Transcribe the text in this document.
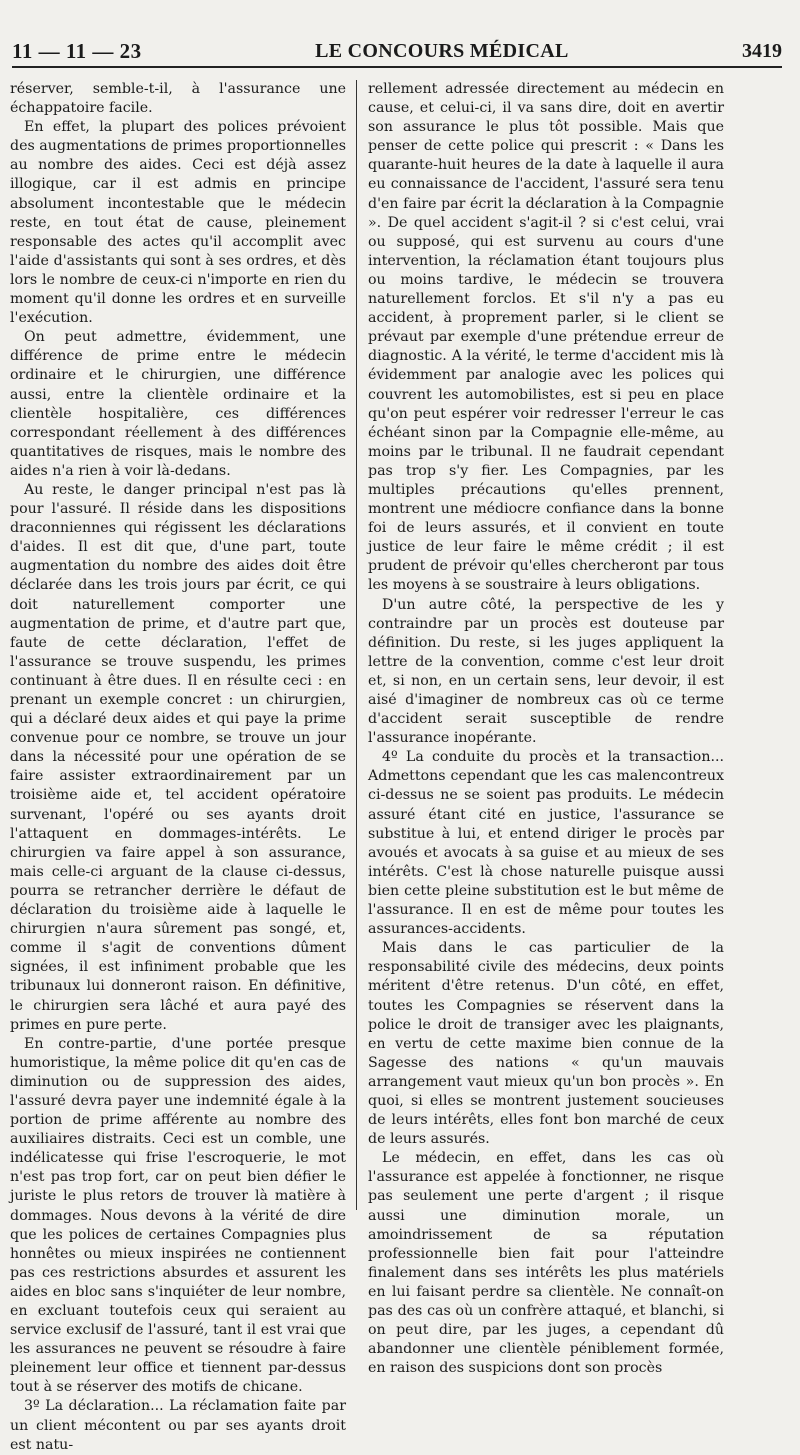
11 — 11 — 23	LE CONCOURS MÉDICAL	3419

réserver, semble-t-il, à l'assurance une échappatoire facile.

En effet, la plupart des polices prévoient des augmentations de primes proportionnelles au nombre des aides. Ceci est déjà assez illogique, car il est admis en principe absolument incontestable que le médecin reste, en tout état de cause, pleinement responsable des actes qu'il accomplit avec l'aide d'assistants qui sont à ses ordres, et dès lors le nombre de ceux-ci n'importe en rien du moment qu'il donne les ordres et en surveille l'exécution.

On peut admettre, évidemment, une différence de prime entre le médecin ordinaire et le chirurgien, une différence aussi, entre la clientèle ordinaire et la clientèle hospitalière, ces différences correspondant réellement à des différences quantitatives de risques, mais le nombre des aides n'a rien à voir là-dedans.

Au reste, le danger principal n'est pas là pour l'assuré. Il réside dans les dispositions draconniennes qui régissent les déclarations d'aides. Il est dit que, d'une part, toute augmentation du nombre des aides doit être déclarée dans les trois jours par écrit, ce qui doit naturellement comporter une augmentation de prime, et d'autre part que, faute de cette déclaration, l'effet de l'assurance se trouve suspendu, les primes continuant à être dues. Il en résulte ceci : en prenant un exemple concret : un chirurgien, qui a déclaré deux aides et qui paye la prime convenue pour ce nombre, se trouve un jour dans la nécessité pour une opération de se faire assister extraordinairement par un troisième aide et, tel accident opératoire survenant, l'opéré ou ses ayants droit l'attaquent en dommages-intérêts. Le chirurgien va faire appel à son assurance, mais celle-ci arguant de la clause ci-dessus, pourra se retrancher derrière le défaut de déclaration du troisième aide à laquelle le chirurgien n'aura sûrement pas songé, et, comme il s'agit de conventions dûment signées, il est infiniment probable que les tribunaux lui donneront raison. En définitive, le chirurgien sera lâché et aura payé des primes en pure perte.

En contre-partie, d'une portée presque humoristique, la même police dit qu'en cas de diminution ou de suppression des aides, l'assuré devra payer une indemnité égale à la portion de prime afférente au nombre des auxiliaires distraits. Ceci est un comble, une indélicatesse qui frise l'escroquerie, le mot n'est pas trop fort, car on peut bien défier le juriste le plus retors de trouver là matière à dommages. Nous devons à la vérité de dire que les polices de certaines Compagnies plus honnêtes ou mieux inspirées ne contiennent pas ces restrictions absurdes et assurent les aides en bloc sans s'inquiéter de leur nombre, en excluant toutefois ceux qui seraient au service exclusif de l'assuré, tant il est vrai que les assurances ne peuvent se résoudre à faire pleinement leur office et tiennent par-dessus tout à se réserver des motifs de chicane.

3º La déclaration... La réclamation faite par un client mécontent ou par ses ayants droit est natu-

rellement adressée directement au médecin en cause, et celui-ci, il va sans dire, doit en avertir son assurance le plus tôt possible. Mais que penser de cette police qui prescrit : « Dans les quarante-huit heures de la date à laquelle il aura eu connaissance de l'accident, l'assuré sera tenu d'en faire par écrit la déclaration à la Compagnie ». De quel accident s'agit-il ? si c'est celui, vrai ou supposé, qui est survenu au cours d'une intervention, la réclamation étant toujours plus ou moins tardive, le médecin se trouvera naturellement forclos. Et s'il n'y a pas eu accident, à proprement parler, si le client se prévaut par exemple d'une prétendue erreur de diagnostic. A la vérité, le terme d'accident mis là évidemment par analogie avec les polices qui couvrent les automobilistes, est si peu en place qu'on peut espérer voir redresser l'erreur le cas échéant sinon par la Compagnie elle-même, au moins par le tribunal. Il ne faudrait cependant pas trop s'y fier. Les Compagnies, par les multiples précautions qu'elles prennent, montrent une médiocre confiance dans la bonne foi de leurs assurés, et il convient en toute justice de leur faire le même crédit ; il est prudent de prévoir qu'elles chercheront par tous les moyens à se soustraire à leurs obligations.

D'un autre côté, la perspective de les y contraindre par un procès est douteuse par définition. Du reste, si les juges appliquent la lettre de la convention, comme c'est leur droit et, si non, en un certain sens, leur devoir, il est aisé d'imaginer de nombreux cas où ce terme d'accident serait susceptible de rendre l'assurance inopérante.

4º La conduite du procès et la transaction... Admettons cependant que les cas malencontreux ci-dessus ne se soient pas produits. Le médecin assuré étant cité en justice, l'assurance se substitue à lui, et entend diriger le procès par avoués et avocats à sa guise et au mieux de ses intérêts. C'est là chose naturelle puisque aussi bien cette pleine substitution est le but même de l'assurance. Il en est de même pour toutes les assurances-accidents.

Mais dans le cas particulier de la responsabilité civile des médecins, deux points méritent d'être retenus. D'un côté, en effet, toutes les Compagnies se réservent dans la police le droit de transiger avec les plaignants, en vertu de cette maxime bien connue de la Sagesse des nations « qu'un mauvais arrangement vaut mieux qu'un bon procès ». En quoi, si elles se montrent justement soucieuses de leurs intérêts, elles font bon marché de ceux de leurs assurés.

Le médecin, en effet, dans les cas où l'assurance est appelée à fonctionner, ne risque pas seulement une perte d'argent ; il risque aussi une diminution morale, un amoindrissement de sa réputation professionnelle bien fait pour l'atteindre finalement dans ses intérêts les plus matériels en lui faisant perdre sa clientèle. Ne connaît-on pas des cas où un confrère attaqué, et blanchi, si on peut dire, par les juges, a cependant dû abandonner une clientèle péniblement formée, en raison des suspicions dont son procès
